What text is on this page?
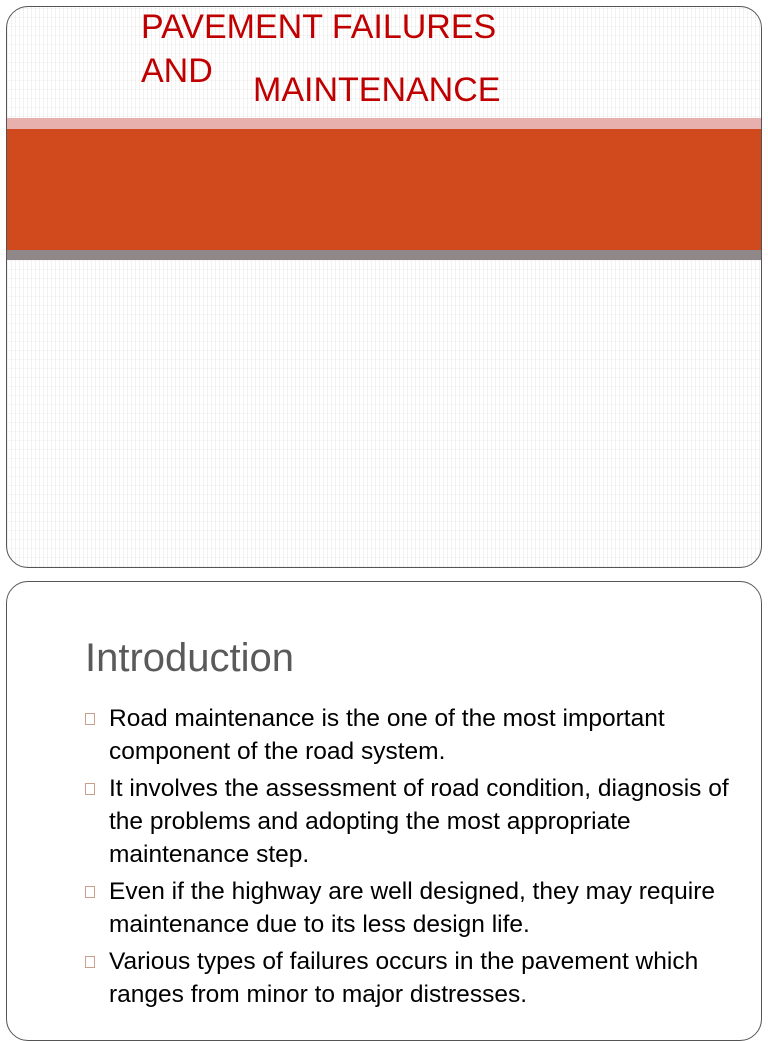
PAVEMENT FAILURES
AND MAINTENANCE
Introduction
Road maintenance is the one of the most important component of the road system.
It involves the assessment of road condition, diagnosis of the problems and adopting the most appropriate maintenance step.
Even if the highway are well designed, they may require maintenance due to its less design life.
Various types of failures occurs in the pavement which ranges from minor to major distresses.
